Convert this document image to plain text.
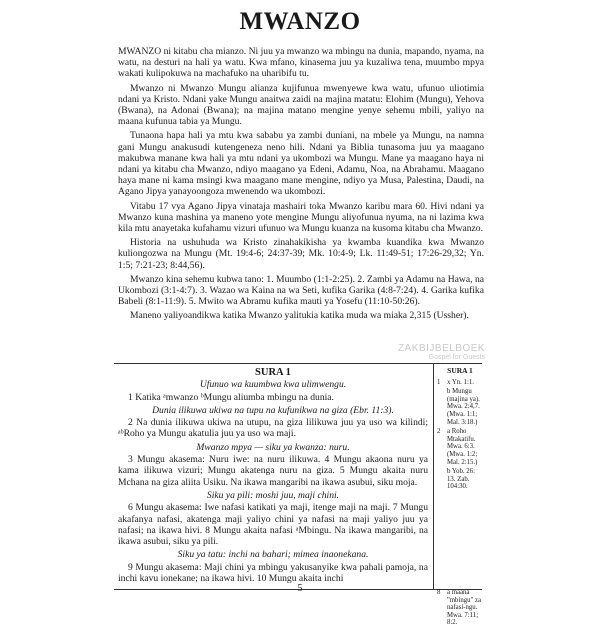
MWANZO

MWANZO ni kitabu cha mianzo. Ni juu ya mwanzo wa mbingu na dunia, mapando, nyama, na watu, na desturi na hali ya watu. Kwa mfano, kinasema juu ya kuzaliwa tena, muumbo mpya wakati kulipokuwa na machafuko na uharibifu tu.

Mwanzo ni Mwanzo Mungu alianza kujifunua mwenyewe kwa watu, ufunuo uliotimia ndani ya Kristo. Ndani yake Mungu anaitwa zaidi na majina matatu: Elohim (Mungu), Yehova (Bwana), na Adonai (Bwana); na majina matano mengine yenye sehemu mbili, yaliyo na maana kufunua tabia ya Mungu.

Tunaona hapa hali ya mtu kwa sababu ya zambi duniani, na mbele ya Mungu, na namna gani Mungu anakusudi kutengeneza neno hili. Ndani ya Biblia tunasoma juu ya maagano makubwa manane kwa hali ya mtu ndani ya ukombozi wa Mungu. Mane ya maagano haya ni ndani ya kitabu cha Mwanzo, ndiyo maagano ya Edeni, Adamu, Noa, na Abrahamu. Maagano haya mane ni kama msingi kwa maagano mane mengine, ndiyo ya Musa, Palestina, Daudi, na Agano Jipya yanayoongoza mwenendo wa ukombozi.

Vitabu 17 vya Agano Jipya vinataja mashairi toka Mwanzo karibu mara 60. Hivi ndani ya Mwanzo kuna mashina ya maneno yote mengine Mungu aliyofunua nyuma, na ni lazima kwa kila mtu anayetaka kufahamu vizuri ufunuo wa Mungu kuanza na kusoma kitabu cha Mwanzo.

Historia na ushuhuda wa Kristo zinahakikisha ya kwamba kuandika kwa Mwanzo kuliongozwa na Mungu (Mt. 19:4-6; 24:37-39; Mk. 10:4-9; Lk. 11:49-51; 17:26-29,32; Yn. 1:5; 7:21-23; 8:44,56).

Mwanzo kina sehemu kubwa tano: 1. Muumbo (1:1-2:25). 2. Zambi ya Adamu na Hawa, na Ukombozi (3:1-4:7). 3. Wazao wa Kaina na wa Seti, kufika Garika (4:8-7:24). 4. Garika kufika Babeli (8:1-11:9). 5. Mwito wa Abramu kufika mauti ya Yosefu (11:10-50:26).

Maneno yaliyoandikwa katika Mwanzo yalitukia katika muda wa miaka 2,315 (Ussher).

ZAKBIJBELBOEK
Gospel for Guests
SURA 1
Ufunuo wa kuumbwa kwa ulimwengu.

1 Katika ᵃmwanzo ᵇMungu aliumba mbingu na dunia.

Dunia ilikuwa ukiwa na tupu na kufunikwa na giza (Ebr. 11:3).

2 Na dunia ilikuwa ukiwa na utupu, na giza lilikuwa juu ya uso wa kilindi; ᵃᵇRoho ya Mungu akatulia juu ya uso wa maji.

Mwanzo mpya — siku ya kwanza: nuru.

3 Mungu akasema: Nuru iwe: na nuru ilikuwa. 4 Mungu akaona nuru ya kama ilikuwa vizuri; Mungu akatenga nuru na giza. 5 Mungu akaita nuru Mchana na giza aliita Usiku. Na ikawa mangaribi na ikawa asubui, siku moja.

Siku ya pili: moshi juu, maji chini.

6 Mungu akasema: Iwe nafasi katikati ya maji, itenge maji na maji. 7 Mungu akafanya nafasi, akatenga maji yaliyo chini ya nafasi na maji yaliyo juu ya nafasi; na ikawa hivi. 8 Mungu akaita nafasi ᵃMbingu. Na ikawa mangaribi, na ikawa asubui, siku ya pili.

Siku ya tatu: inchi na bahari; mimea inaonekana.

9 Mungu akasema: Maji chini ya mbingu yakusanyike kwa pahali pamoja, na inchi kavu ionekane; na ikawa hivi. 10 Mungu akaita inchi

SURA 1
1 x Yn. 1:1.
b Mungu (majina ya). Mwa. 2:4,7. (Mwa. 1:1; Mal. 3:18.)
2 a Roho Mtakatifu. Mwa. 6:3. (Mwa. 1:2; Mal. 2:15.)
b Yob. 26: 13. Zab. 104:30.
8 a maana "mbingu" za nafasi-ngu. Mwa. 7:11; 8:2.
5
